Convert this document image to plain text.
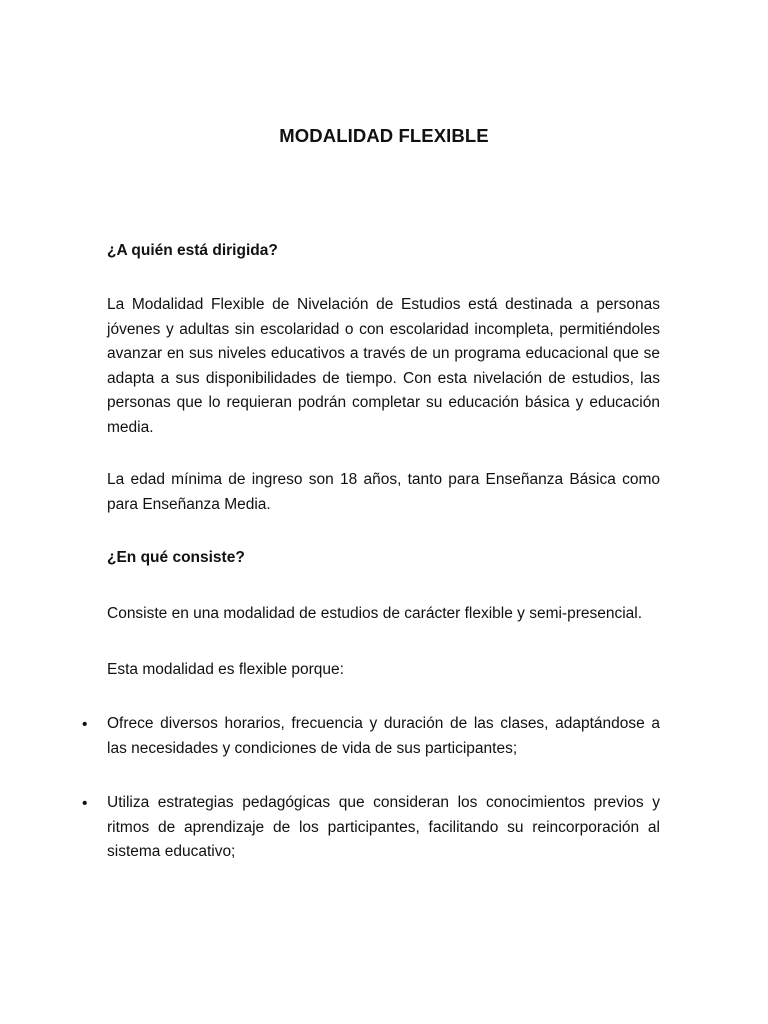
MODALIDAD FLEXIBLE
¿A quién está dirigida?
La Modalidad Flexible de Nivelación de Estudios está destinada a personas jóvenes y adultas sin escolaridad o con escolaridad incompleta, permitiéndoles avanzar en sus niveles educativos a través de un programa educacional que se adapta a sus disponibilidades de tiempo. Con esta nivelación de estudios, las personas que lo requieran podrán completar su educación básica y educación media.
La edad mínima de ingreso son 18 años, tanto para Enseñanza Básica como para Enseñanza Media.
¿En qué consiste?
Consiste en una modalidad de estudios de carácter flexible y semi-presencial.
Esta modalidad es flexible porque:
• Ofrece diversos horarios, frecuencia y duración de las clases, adaptándose a las necesidades y condiciones de vida de sus participantes;
• Utiliza estrategias pedagógicas que consideran los conocimientos previos y ritmos de aprendizaje de los participantes, facilitando su reincorporación al sistema educativo;
